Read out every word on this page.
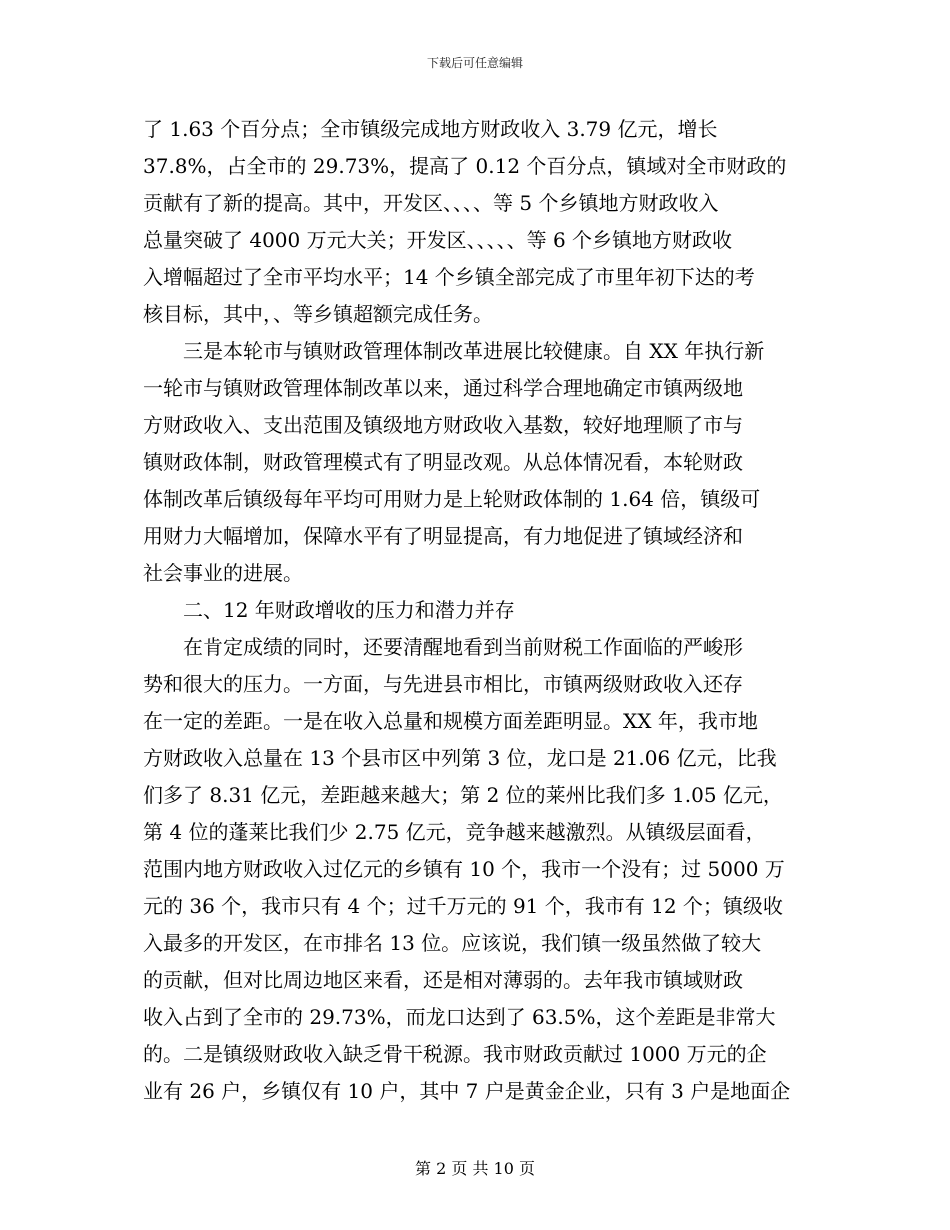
下载后可任意编辑
了 1.63 个百分点；全市镇级完成地方财政收入 3.79 亿元，增长
37.8%，占全市的 29.73%，提高了 0.12 个百分点，镇域对全市财政的
贡献有了新的提高。其中，开发区、、、、等 5 个乡镇地方财政收入
总量突破了 4000 万元大关；开发区、、、、、等 6 个乡镇地方财政收
入增幅超过了全市平均水平；14 个乡镇全部完成了市里年初下达的考
核目标，其中，、等乡镇超额完成任务。
　　三是本轮市与镇财政管理体制改革进展比较健康。自 XX 年执行新
一轮市与镇财政管理体制改革以来，通过科学合理地确定市镇两级地
方财政收入、支出范围及镇级地方财政收入基数，较好地理顺了市与
镇财政体制，财政管理模式有了明显改观。从总体情况看，本轮财政
体制改革后镇级每年平均可用财力是上轮财政体制的 1.64 倍，镇级可
用财力大幅增加，保障水平有了明显提高，有力地促进了镇域经济和
社会事业的进展。
　　二、12 年财政增收的压力和潜力并存
　　在肯定成绩的同时，还要清醒地看到当前财税工作面临的严峻形
势和很大的压力。一方面，与先进县市相比，市镇两级财政收入还存
在一定的差距。一是在收入总量和规模方面差距明显。XX 年，我市地
方财政收入总量在 13 个县市区中列第 3 位，龙口是 21.06 亿元，比我
们多了 8.31 亿元，差距越来越大；第 2 位的莱州比我们多 1.05 亿元，
第 4 位的蓬莱比我们少 2.75 亿元，竞争越来越激烈。从镇级层面看，
范围内地方财政收入过亿元的乡镇有 10 个，我市一个没有；过 5000 万
元的 36 个，我市只有 4 个；过千万元的 91 个，我市有 12 个；镇级收
入最多的开发区，在市排名 13 位。应该说，我们镇一级虽然做了较大
的贡献，但对比周边地区来看，还是相对薄弱的。去年我市镇域财政
收入占到了全市的 29.73%，而龙口达到了 63.5%，这个差距是非常大
的。二是镇级财政收入缺乏骨干税源。我市财政贡献过 1000 万元的企
业有 26 户，乡镇仅有 10 户，其中 7 户是黄金企业，只有 3 户是地面企
第 2 页 共 10 页
